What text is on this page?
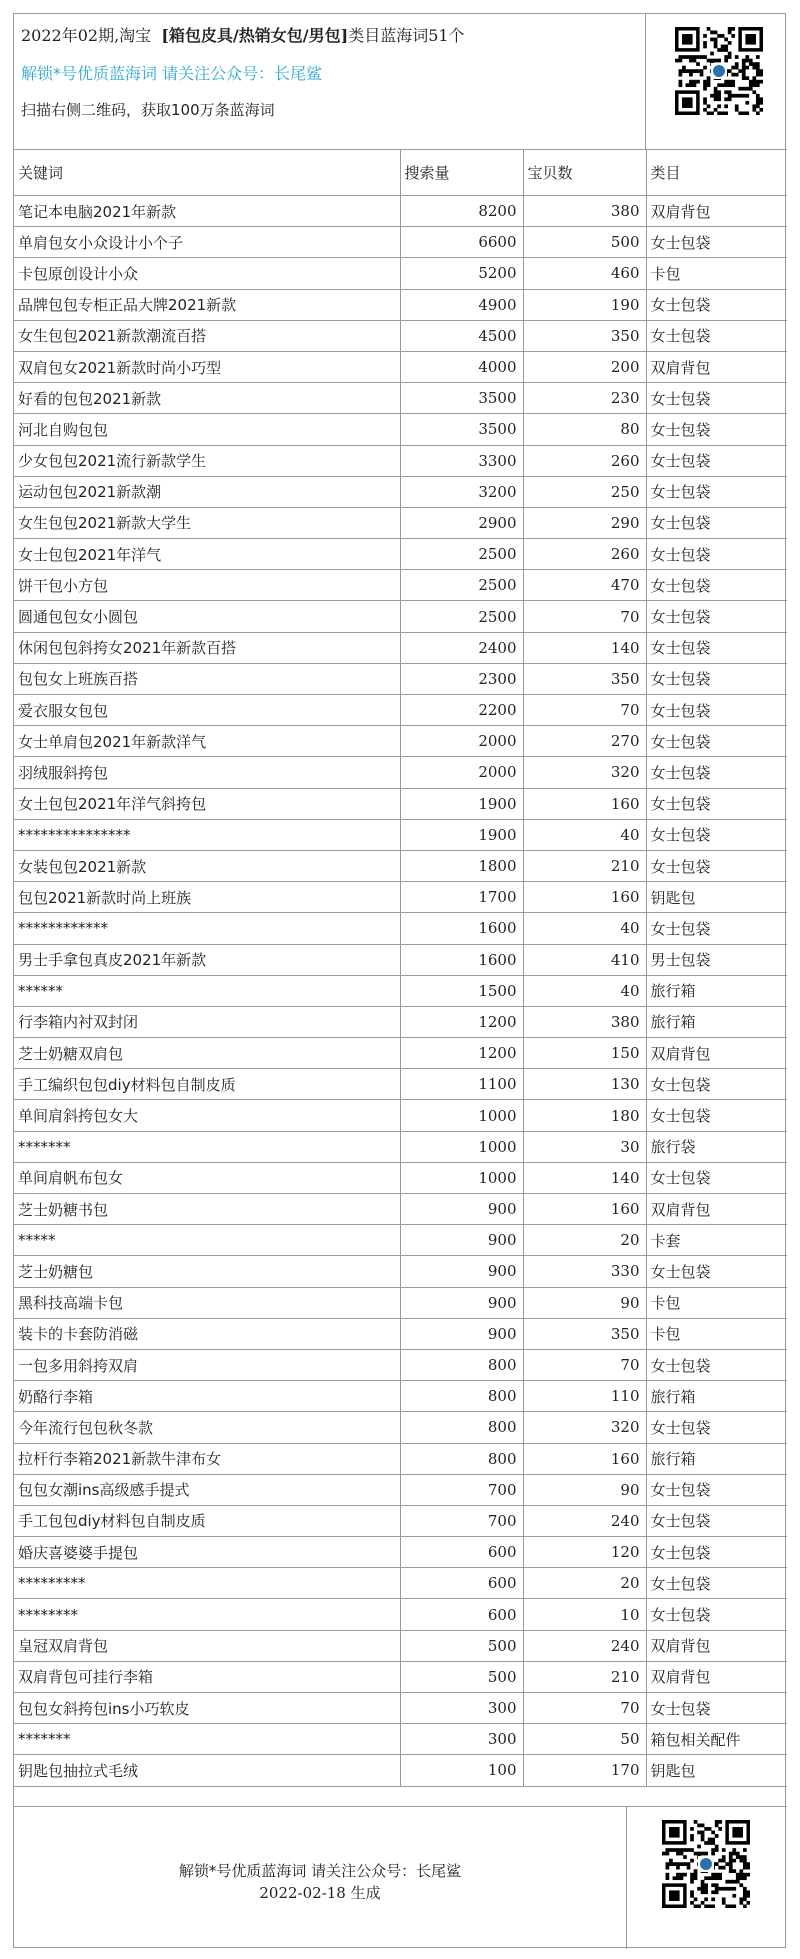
2022年02期,淘宝 [箱包皮具/热销女包/男包]类目蓝海词51个
解锁*号优质蓝海词 请关注公众号：长尾鲨
扫描右侧二维码，获取100万条蓝海词
关键词	搜索量	宝贝数	类目
笔记本电脑2021年新款	8200	380	双肩背包
单肩包女小众设计小个子	6600	500	女士包袋
卡包原创设计小众	5200	460	卡包
品牌包包专柜正品大牌2021新款	4900	190	女士包袋
女生包包2021新款潮流百搭	4500	350	女士包袋
双肩包女2021新款时尚小巧型	4000	200	双肩背包
好看的包包2021新款	3500	230	女士包袋
河北自购包包	3500	80	女士包袋
少女包包2021流行新款学生	3300	260	女士包袋
运动包包2021新款潮	3200	250	女士包袋
女生包包2021新款大学生	2900	290	女士包袋
女士包包2021年洋气	2500	260	女士包袋
饼干包小方包	2500	470	女士包袋
圆通包包女小圆包	2500	70	女士包袋
休闲包包斜挎女2021年新款百搭	2400	140	女士包袋
包包女上班族百搭	2300	350	女士包袋
爱衣服女包包	2200	70	女士包袋
女士单肩包2021年新款洋气	2000	270	女士包袋
羽绒服斜挎包	2000	320	女士包袋
女土包包2021年洋气斜挎包	1900	160	女士包袋
***************	1900	40	女士包袋
女装包包2021新款	1800	210	女士包袋
包包2021新款时尚上班族	1700	160	钥匙包
************	1600	40	女士包袋
男士手拿包真皮2021年新款	1600	410	男士包袋
******	1500	40	旅行箱
行李箱内衬双封闭	1200	380	旅行箱
芝士奶糖双肩包	1200	150	双肩背包
手工编织包包diy材料包自制皮质	1100	130	女士包袋
单间肩斜挎包女大	1000	180	女士包袋
*******	1000	30	旅行袋
单间肩帆布包女	1000	140	女士包袋
芝士奶糖书包	900	160	双肩背包
*****	900	20	卡套
芝士奶糖包	900	330	女士包袋
黑科技高端卡包	900	90	卡包
装卡的卡套防消磁	900	350	卡包
一包多用斜挎双肩	800	70	女士包袋
奶酪行李箱	800	110	旅行箱
今年流行包包秋冬款	800	320	女士包袋
拉杆行李箱2021新款牛津布女	800	160	旅行箱
包包女潮ins高级感手提式	700	90	女士包袋
手工包包diy材料包自制皮质	700	240	女士包袋
婚庆喜婆婆手提包	600	120	女士包袋
*********	600	20	女士包袋
********	600	10	女士包袋
皇冠双肩背包	500	240	双肩背包
双肩背包可挂行李箱	500	210	双肩背包
包包女斜挎包ins小巧软皮	300	70	女士包袋
*******	300	50	箱包相关配件
钥匙包抽拉式毛绒	100	170	钥匙包
解锁*号优质蓝海词 请关注公众号：长尾鲨
2022-02-18 生成
